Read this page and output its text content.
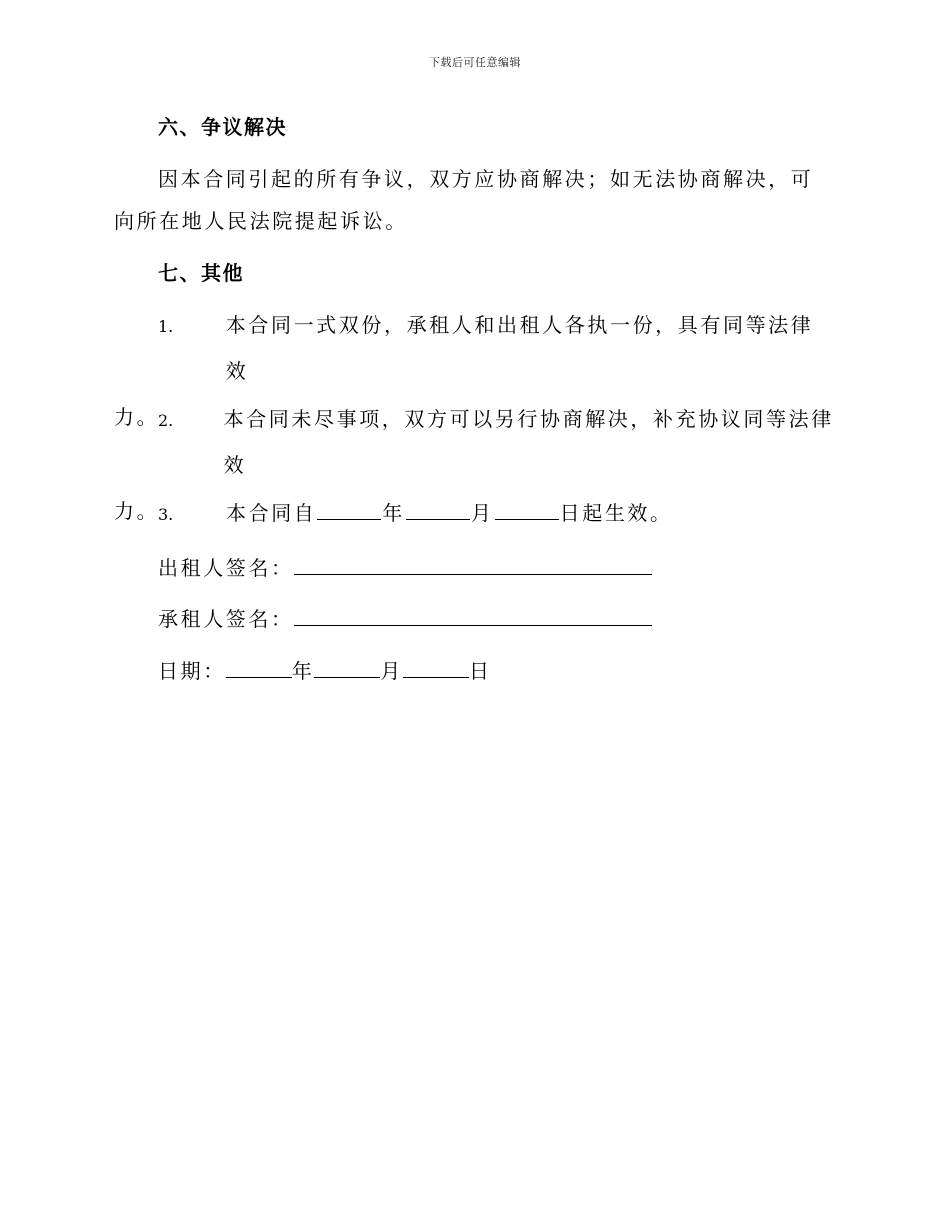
下载后可任意编辑
六、争议解决
因本合同引起的所有争议，双方应协商解决；如无法协商解决，可向所在地人民法院提起诉讼。
七、其他
1.	本合同一式双份，承租人和出租人各执一份，具有同等法律效
力。
2.	本合同未尽事项，双方可以另行协商解决，补充协议同等法律效
力。
3.	本合同自	年	月	日起生效。
出租人签名：
承租人签名：
日期：	年	月	日
